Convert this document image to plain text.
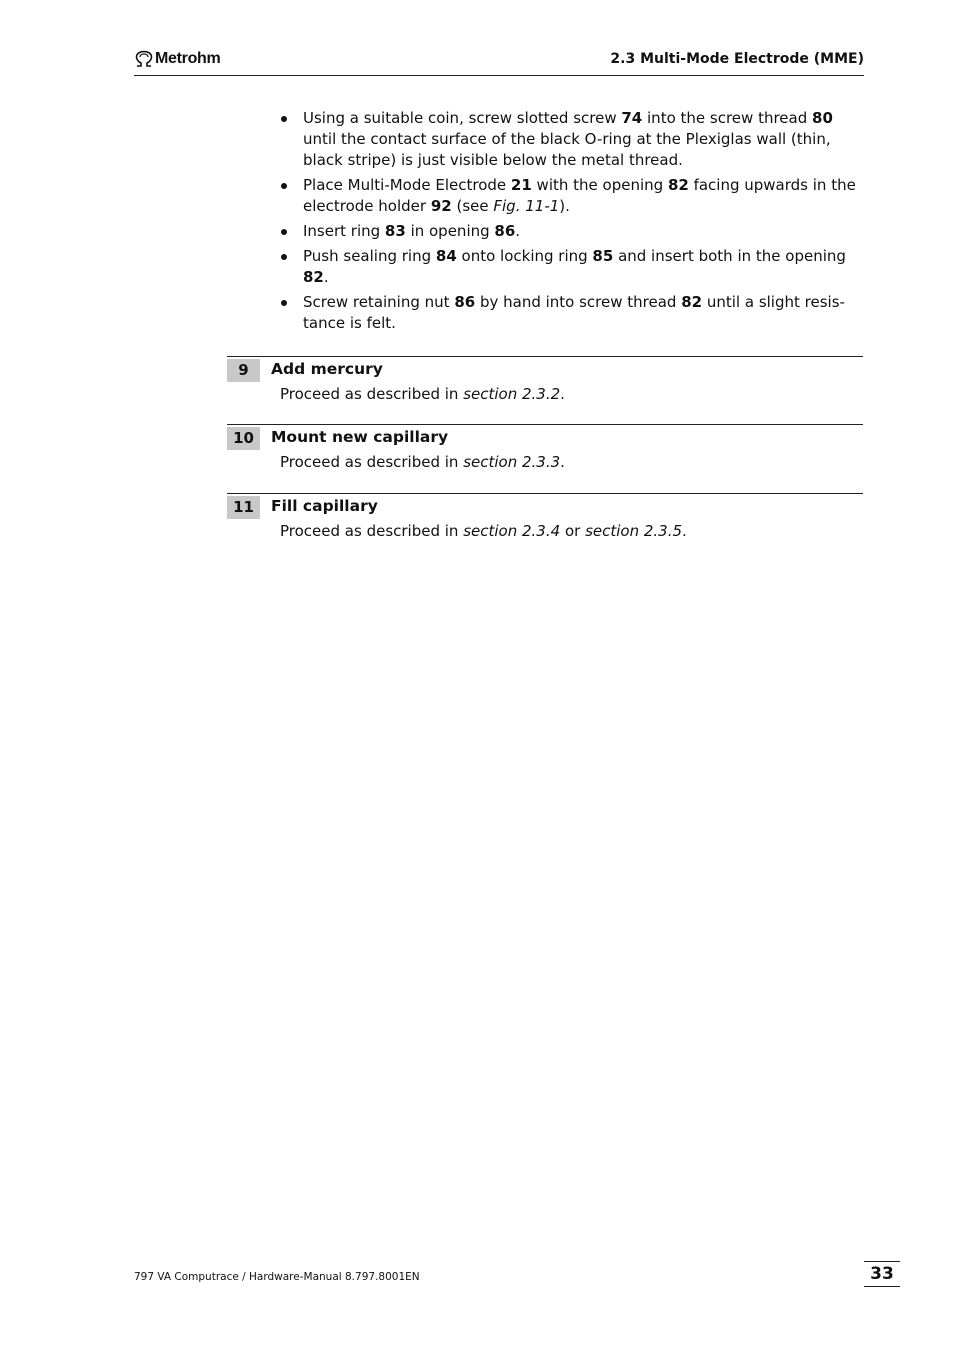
Metrohm	2.3 Multi-Mode Electrode (MME)
Using a suitable coin, screw slotted screw 74 into the screw thread 80 until the contact surface of the black O-ring at the Plexiglas wall (thin, black stripe) is just visible below the metal thread.
Place Multi-Mode Electrode 21 with the opening 82 facing upwards in the electrode holder 92 (see Fig. 11-1).
Insert ring 83 in opening 86.
Push sealing ring 84 onto locking ring 85 and insert both in the opening 82.
Screw retaining nut 86 by hand into screw thread 82 until a slight resis-tance is felt.
9	Add mercury
Proceed as described in section 2.3.2.
10	Mount new capillary
Proceed as described in section 2.3.3.
11	Fill capillary
Proceed as described in section 2.3.4 or section 2.3.5.
797 VA Computrace / Hardware-Manual 8.797.8001EN	33
